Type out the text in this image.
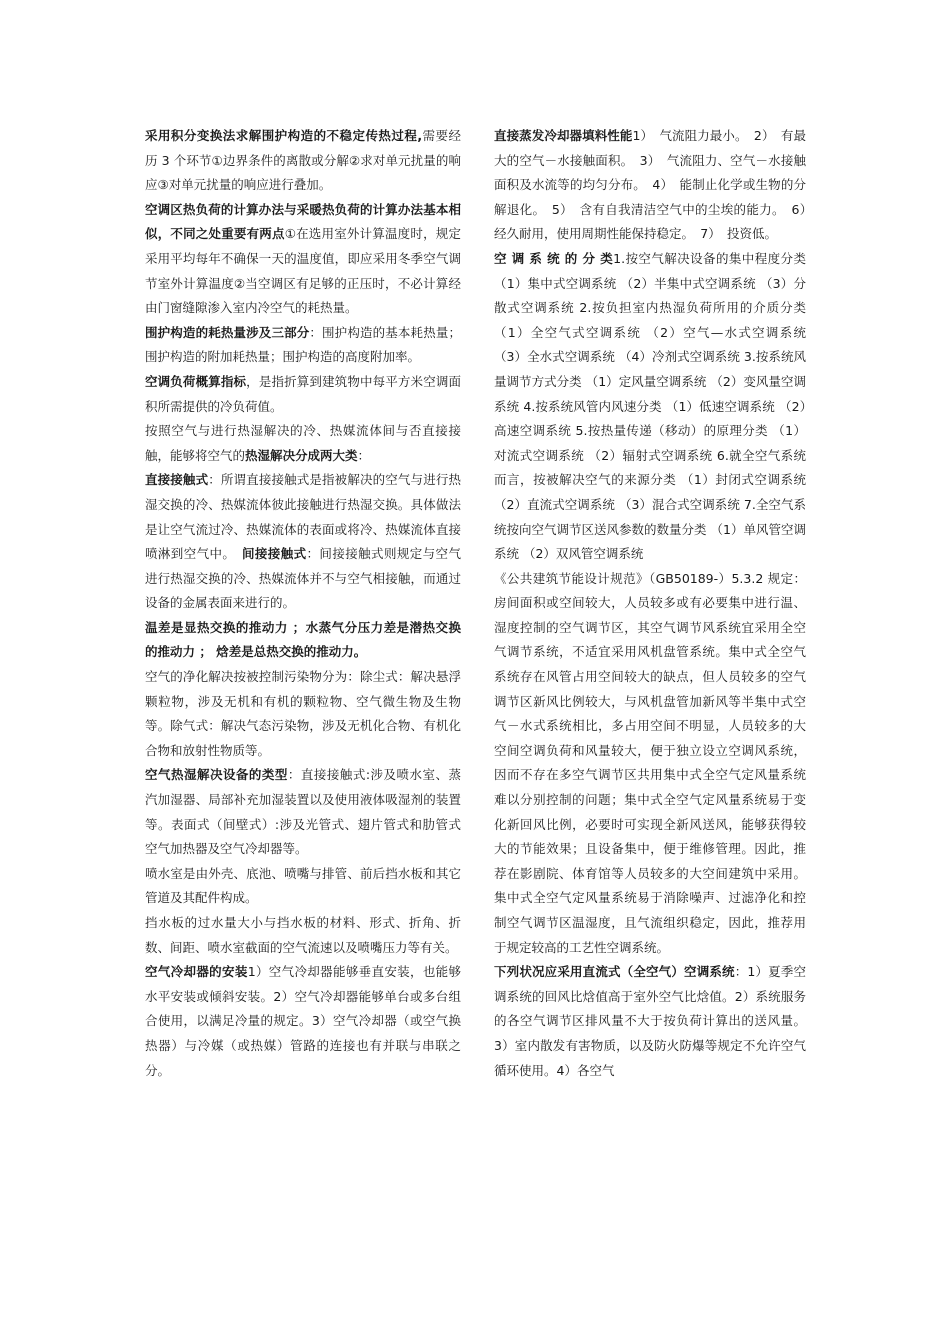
采用积分变换法求解围护构造的不稳定传热过程,需要经历 3 个环节①边界条件的离散或分解②求对单元扰量的响应③对单元扰量的响应进行叠加。

空调区热负荷的计算办法与采暖热负荷的计算办法基本相似，不同之处重要有两点①在选用室外计算温度时，规定采用平均每年不确保一天的温度值，即应采用冬季空气调节室外计算温度②当空调区有足够的正压时，不必计算经由门窗缝隙渗入室内冷空气的耗热量。

围护构造的耗热量涉及三部分：围护构造的基本耗热量；围护构造的附加耗热量；围护构造的高度附加率。

空调负荷概算指标，是指折算到建筑物中每平方米空调面积所需提供的冷负荷值。

按照空气与进行热湿解决的冷、热媒流体间与否直接接触，能够将空气的热湿解决分成两大类：

直接接触式：所谓直接接触式是指被解决的空气与进行热湿交换的冷、热媒流体彼此接触进行热湿交换。具体做法是让空气流过冷、热媒流体的表面或将冷、热媒流体直接喷淋到空气中。　 间接接触式：间接接触式则规定与空气进行热湿交换的冷、热媒流体并不与空气相接触，而通过设备的金属表面来进行的。

温差是显热交换的推动力 ；水蒸气分压力差是潜热交换的推动力 ； 焓差是总热交换的推动力。

空气的净化解决按被控制污染物分为：除尘式：解决悬浮颗粒物，涉及无机和有机的颗粒物、空气微生物及生物等。除气式：解决气态污染物，涉及无机化合物、有机化合物和放射性物质等。

空气热湿解决设备的类型：直接接触式:涉及喷水室、蒸汽加湿器、局部补充加湿装置以及使用液体吸湿剂的装置等。表面式（间壁式）:涉及光管式、翅片管式和肋管式空气加热器及空气冷却器等。

喷水室是由外壳、底池、喷嘴与排管、前后挡水板和其它管道及其配件构成。

挡水板的过水量大小与挡水板的材料、形式、折角、折数、间距、喷水室截面的空气流速以及喷嘴压力等有关。

空气冷却器的安装1）空气冷却器能够垂直安装，也能够水平安装或倾斜安装。2）空气冷却器能够单台或多台组合使用，以满足冷量的规定。3）空气冷却器（或空气换热器）与冷媒（或热媒）管路的连接也有并联与串联之分。

直接蒸发冷却器填料性能1）　气流阻力最小。　2）　有最大的空气－水接触面积。　3）　气流阻力、空气－水接触面积及水流等的均匀分布。　4）　能制止化学或生物的分解退化。　5）　含有自我清洁空气中的尘埃的能力。　6）　经久耐用，使用周期性能保持稳定。　7）　投资低。

空 调 系 统 的 分 类1.按空气解决设备的集中程度分类 （1）集中式空调系统 （2）半集中式空调系统 （3）分散式空调系统 2.按负担室内热湿负荷所用的介质分类 （1）全空气式空调系统 （2）空气—水式空调系统 （3）全水式空调系统 （4）冷剂式空调系统 3.按系统风量调节方式分类 （1）定风量空调系统 （2）变风量空调系统 4.按系统风管内风速分类 （1）低速空调系统 （2）高速空调系统 5.按热量传递（移动）的原理分类 （1）对流式空调系统 （2）辐射式空调系统 6.就全空气系统而言，按被解决空气的来源分类 （1）封闭式空调系统（2）直流式空调系统 （3）混合式空调系统 7.全空气系统按向空气调节区送风参数的数量分类 （1）单风管空调系统 （2）双风管空调系统

《公共建筑节能设计规范》（GB50189-）5.3.2 规定：房间面积或空间较大，人员较多或有必要集中进行温、湿度控制的空气调节区，其空气调节风系统宜采用全空气调节系统，不适宜采用风机盘管系统。集中式全空气系统存在风管占用空间较大的缺点，但人员较多的空气调节区新风比例较大，与风机盘管加新风等半集中式空气－水式系统相比，多占用空间不明显，人员较多的大空间空调负荷和风量较大，便于独立设立空调风系统，因而不存在多空气调节区共用集中式全空气定风量系统难以分别控制的问题；集中式全空气定风量系统易于变化新回风比例，必要时可实现全新风送风，能够获得较大的节能效果；且设备集中，便于维修管理。因此，推荐在影剧院、体育馆等人员较多的大空间建筑中采用。集中式全空气定风量系统易于消除噪声、过滤净化和控制空气调节区温湿度，且气流组织稳定，因此，推荐用于规定较高的工艺性空调系统。

下列状况应采用直流式（全空气）空调系统：1）夏季空调系统的回风比焓值高于室外空气比焓值。2）系统服务的各空气调节区排风量不大于按负荷计算出的送风量。3）室内散发有害物质，以及防火防爆等规定不允许空气循环使用。4）各空气
